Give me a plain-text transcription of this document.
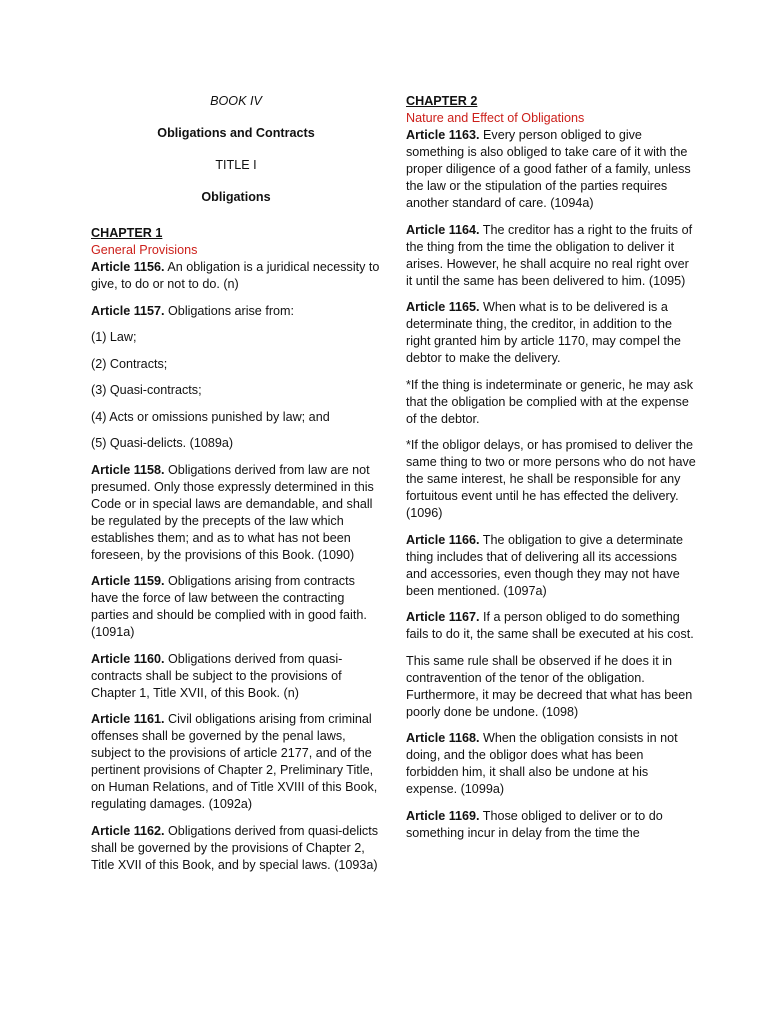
BOOK IV
Obligations and Contracts
TITLE I
Obligations
CHAPTER 1
General Provisions

Article 1156. An obligation is a juridical necessity to give, to do or not to do. (n)

Article 1157. Obligations arise from:

(1) Law;

(2) Contracts;

(3) Quasi-contracts;

(4) Acts or omissions punished by law; and

(5) Quasi-delicts. (1089a)

Article 1158. Obligations derived from law are not presumed. Only those expressly determined in this Code or in special laws are demandable, and shall be regulated by the precepts of the law which establishes them; and as to what has not been foreseen, by the provisions of this Book. (1090)

Article 1159. Obligations arising from contracts have the force of law between the contracting parties and should be complied with in good faith. (1091a)

Article 1160. Obligations derived from quasi-contracts shall be subject to the provisions of Chapter 1, Title XVII, of this Book. (n)

Article 1161. Civil obligations arising from criminal offenses shall be governed by the penal laws, subject to the provisions of article 2177, and of the pertinent provisions of Chapter 2, Preliminary Title, on Human Relations, and of Title XVIII of this Book, regulating damages. (1092a)

Article 1162. Obligations derived from quasi-delicts shall be governed by the provisions of Chapter 2, Title XVII of this Book, and by special laws. (1093a)

CHAPTER 2
Nature and Effect of Obligations

Article 1163. Every person obliged to give something is also obliged to take care of it with the proper diligence of a good father of a family, unless the law or the stipulation of the parties requires another standard of care. (1094a)

Article 1164. The creditor has a right to the fruits of the thing from the time the obligation to deliver it arises. However, he shall acquire no real right over it until the same has been delivered to him. (1095)

Article 1165. When what is to be delivered is a determinate thing, the creditor, in addition to the right granted him by article 1170, may compel the debtor to make the delivery.

*If the thing is indeterminate or generic, he may ask that the obligation be complied with at the expense of the debtor.

*If the obligor delays, or has promised to deliver the same thing to two or more persons who do not have the same interest, he shall be responsible for any fortuitous event until he has effected the delivery. (1096)

Article 1166. The obligation to give a determinate thing includes that of delivering all its accessions and accessories, even though they may not have been mentioned. (1097a)

Article 1167. If a person obliged to do something fails to do it, the same shall be executed at his cost.

This same rule shall be observed if he does it in contravention of the tenor of the obligation. Furthermore, it may be decreed that what has been poorly done be undone. (1098)

Article 1168. When the obligation consists in not doing, and the obligor does what has been forbidden him, it shall also be undone at his expense. (1099a)

Article 1169. Those obliged to deliver or to do something incur in delay from the time the
